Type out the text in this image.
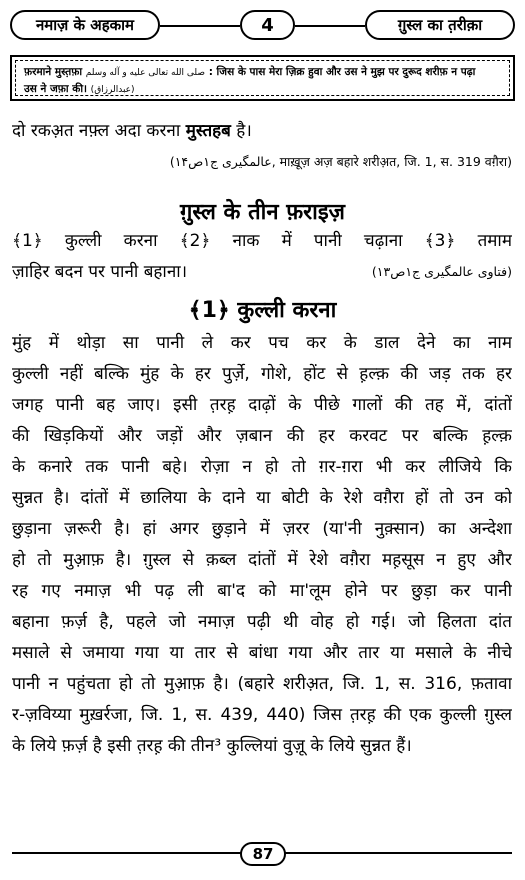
नमाज़ के अहकाम	4	ग़ुस्ल का त़रीक़ा
फ़रमाने मुस्त़फ़ा صلى الله تعالى عليه و آله وسلم : जिस के पास मेरा ज़िक्र हुवा और उस ने मुझ पर दुरूद शरीफ़ न पढ़ा
उस ने जफ़ा की। (عبدالرزاق)
दो रकअ़त नफ़्ल अदा करना मुस्तहब है।
(عالمگیری ج۱ص۱۴, माख़ूज़ अज़ बहारे शरीअ़त, जि. 1, स. 319 वग़ैरा)
ग़ुस्ल के तीन फ़राइज़
﴾1﴿ कुल्ली करना ﴾2﴿ नाक में पानी चढ़ाना ﴾3﴿ तमाम
ज़ाहिर बदन पर पानी बहाना।	(فتاوی عالمگیری ج۱ص۱۳)
﴾1﴿ कुल्ली करना
मुंह में थोड़ा सा पानी ले कर पच कर के डाल देने का नाम
कुल्ली नहीं बल्कि मुंह के हर पुर्ज़े, गोशे, होंट से ह़ल्क़ की जड़ तक हर
जगह पानी बह जाए। इसी त़रह़ दाढ़ों के पीछे गालों की तह में, दांतों
की खिड़कियों और जड़ों और ज़बान की हर करवट पर बल्कि ह़ल्क़
के कनारे तक पानी बहे। रोज़ा न हो तो ग़र-ग़रा भी कर लीजिये कि
सुन्नत है। दांतों में छालिया के दाने या बोटी के रेशे वग़ैरा हों तो उन को
छुड़ाना ज़रूरी है। हां अगर छुड़ाने में ज़रर (या'नी नुक़्सान) का अन्देशा
हो तो मुआ़फ़ है। ग़ुस्ल से क़ब्ल दांतों में रेशे वग़ैरा मह़सूस न हुए और
रह गए नमाज़ भी पढ़ ली बा'द को मा'लूम होने पर छुड़ा कर पानी
बहाना फ़र्ज़ है, पहले जो नमाज़ पढ़ी थी वोह हो गई। जो हिलता दांत
मसाले से जमाया गया या तार से बांधा गया और तार या मसाले के नीचे
पानी न पहुंचता हो तो मुआ़फ़ है। (बहारे शरीअ़त, जि. 1, स. 316, फ़तावा
र-ज़विय्या मुख़र्रजा, जि. 1, स. 439, 440) जिस त़रह़ की एक कुल्ली ग़ुस्ल
के लिये फ़र्ज़ है इसी त़रह़ की तीन³ कुल्लियां वुज़ू के लिये सुन्नत हैं।
87
